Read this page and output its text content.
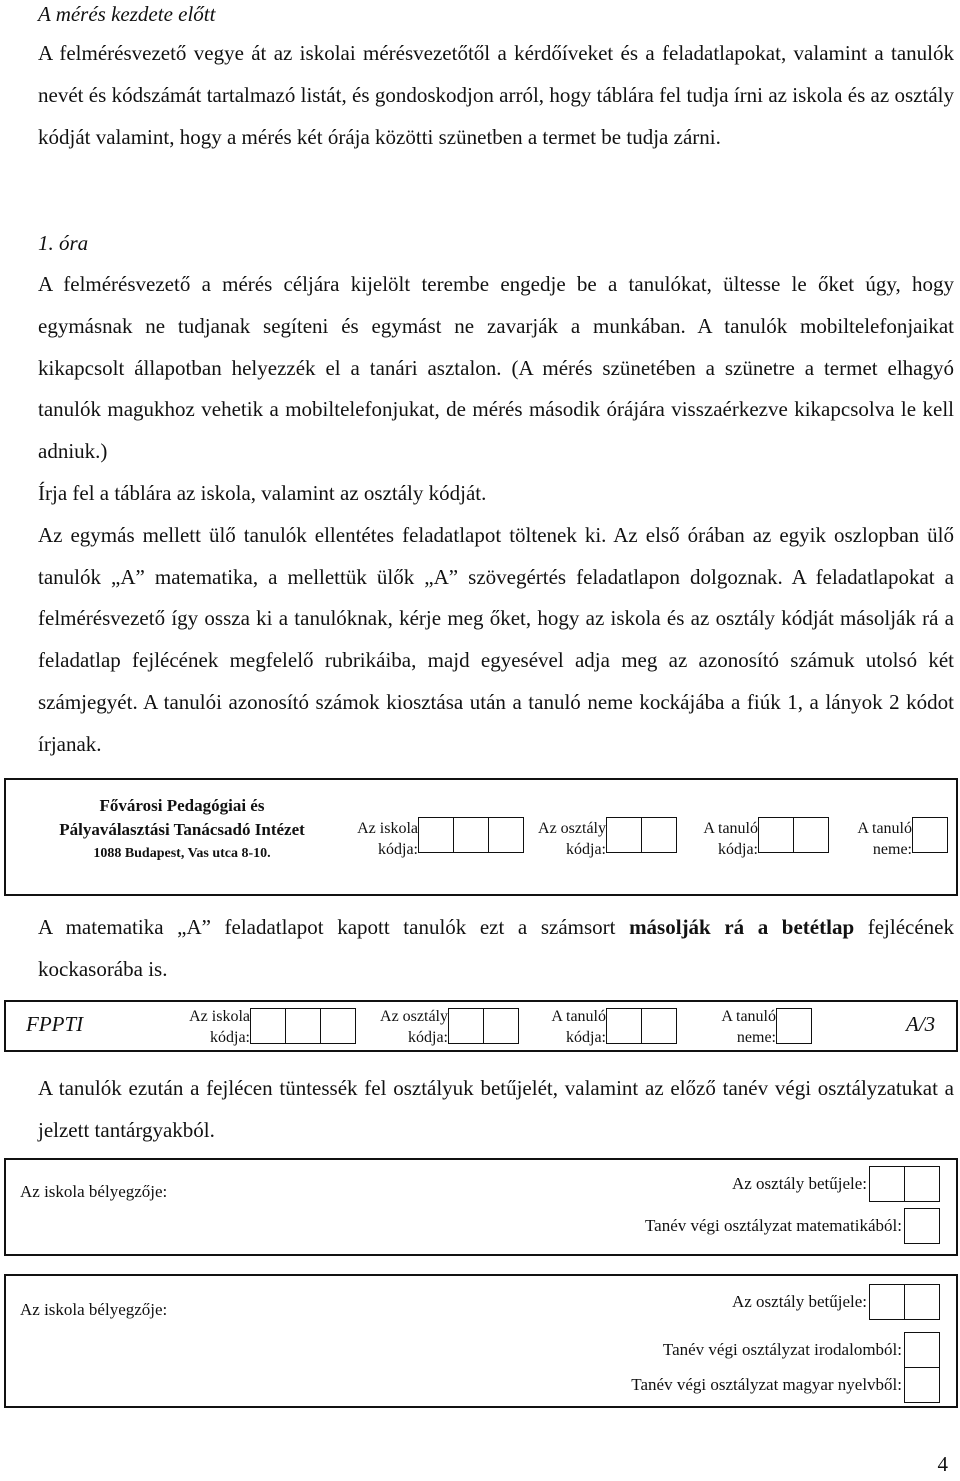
A mérés kezdete előtt

A felmérésvezető vegye át az iskolai mérésvezetőtől a kérdőíveket és a feladatlapokat, valamint a tanulók nevét és kódszámát tartalmazó listát, és gondoskodjon arról, hogy táblára fel tudja írni az iskola és az osztály kódját valamint, hogy a mérés két órája közötti szünetben a termet be tudja zárni.

1. óra

A felmérésvezető a mérés céljára kijelölt terembe engedje be a tanulókat, ültesse le őket úgy, hogy egymásnak ne tudjanak segíteni és egymást ne zavarják a munkában. A tanulók mobiltelefonjaikat kikapcsolt állapotban helyezzék el a tanári asztalon. (A mérés szünetében a szünetre a termet elhagyó tanulók magukhoz vehetik a mobiltelefonjukat, de mérés második órájára visszaérkezve kikapcsolva le kell adniuk.)

Írja fel a táblára az iskola, valamint az osztály kódját.

Az egymás mellett ülő tanulók ellentétes feladatlapot töltenek ki. Az első órában az egyik oszlopban ülő tanulók „A” matematika, a mellettük ülők „A” szövegértés feladatlapon dolgoznak. A feladatlapokat a felmérésvezető így ossza ki a tanulóknak, kérje meg őket, hogy az iskola és az osztály kódját másolják rá a feladatlap fejlécének megfelelő rubrikáiba, majd egyesével adja meg az azonosító számuk utolsó két számjegyét. A tanulói azonosító számok kiosztása után a tanuló neme kockájába a fiúk 1, a lányok 2 kódot írjanak.

Fővárosi Pedagógiai és
Pályaválasztási Tanácsadó Intézet
1088 Budapest, Vas utca 8-10.
Az iskola
kódja:
Az osztály
kódja:
A tanuló
kódja:
A tanuló
neme:

A matematika „A” feladatlapot kapott tanulók ezt a számsort másolják rá a betétlap fejlécének kockasorába is.

FPPTI	Az iskola
kódja:
Az osztály
kódja:
A tanuló
kódja:
A tanuló
neme:
A/3

A tanulók ezután a fejlécen tüntessék fel osztályuk betűjelét, valamint az előző tanév végi osztályzatukat a jelzett tantárgyakból.

Az iskola bélyegzője:	Az osztály betűjele:
Tanév végi osztályzat matematikából:
Az iskola bélyegzője:	Az osztály betűjele:
Tanév végi osztályzat irodalomból:
Tanév végi osztályzat magyar nyelvből:
4
